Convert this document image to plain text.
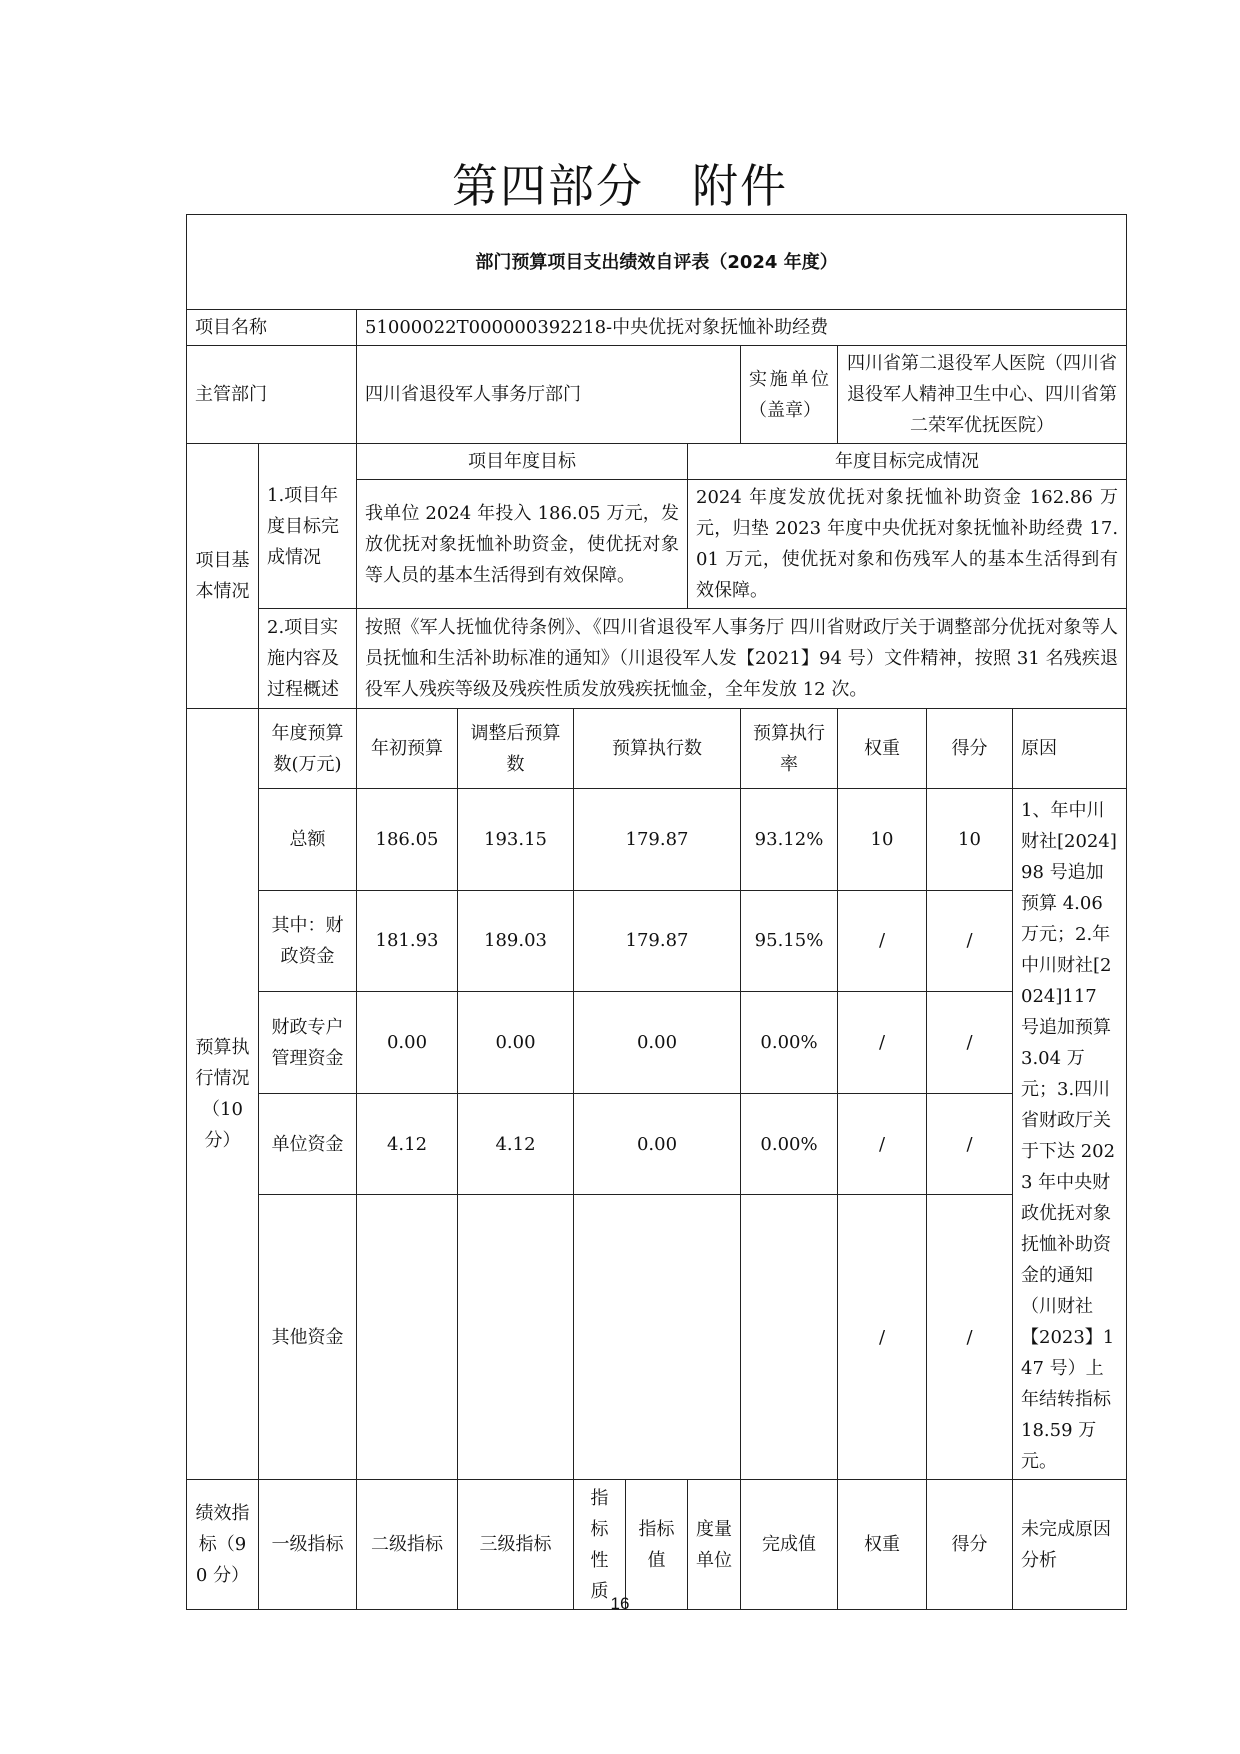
第四部分　附件
部门预算项目支出绩效自评表（2024 年度）										
项目名称		51000022T000000392218-中央优抚对象抚恤补助经费								
主管部门		四川省退役军人事务厅部门					实施单位（盖章）	四川省第二退役军人医院（四川省退役军人精神卫生中心、四川省第二荣军优抚医院）		
项目基本情况	1.项目年度目标完成情况	项目年度目标				年度目标完成情况				
		我单位 2024 年投入 186.05 万元，发放优抚对象抚恤补助资金，使优抚对象等人员的基本生活得到有效保障。				2024 年度发放优抚对象抚恤补助资金 162.86 万元，归垫 2023 年度中央优抚对象抚恤补助经费 17.01 万元，使优抚对象和伤残军人的基本生活得到有效保障。				
	2.项目实施内容及过程概述	按照《军人抚恤优待条例》、《四川省退役军人事务厅 四川省财政厅关于调整部分优抚对象等人员抚恤和生活补助标准的通知》（川退役军人发【2021】94 号）文件精神，按照 31 名残疾退役军人残疾等级及残疾性质发放残疾抚恤金，全年发放 12 次。								
预算执行情况（10 分）	年度预算数(万元)	年初预算	调整后预算数	预算执行数			预算执行率	权重	得分	原因
	总额	186.05	193.15	179.87			93.12%	10	10	1、年中川财社[2024]98 号追加预算 4.06 万元；2.年中川财社[2024]117 号追加预算 3.04 万元；3.四川省财政厅关于下达 2023 年中央财政优抚对象抚恤补助资金的通知（川财社【2023】147 号）上年结转指标 18.59 万元。
	其中：财政资金	181.93	189.03	179.87			95.15%	/	/	
	财政专户管理资金	0.00	0.00	0.00			0.00%	/	/	
	单位资金	4.12	4.12	0.00			0.00%	/	/	
	其他资金							/	/	
绩效指标（90 分）	一级指标	二级指标	三级指标	指标性质	指标值	度量单位	完成值	权重	得分	未完成原因分析
16
